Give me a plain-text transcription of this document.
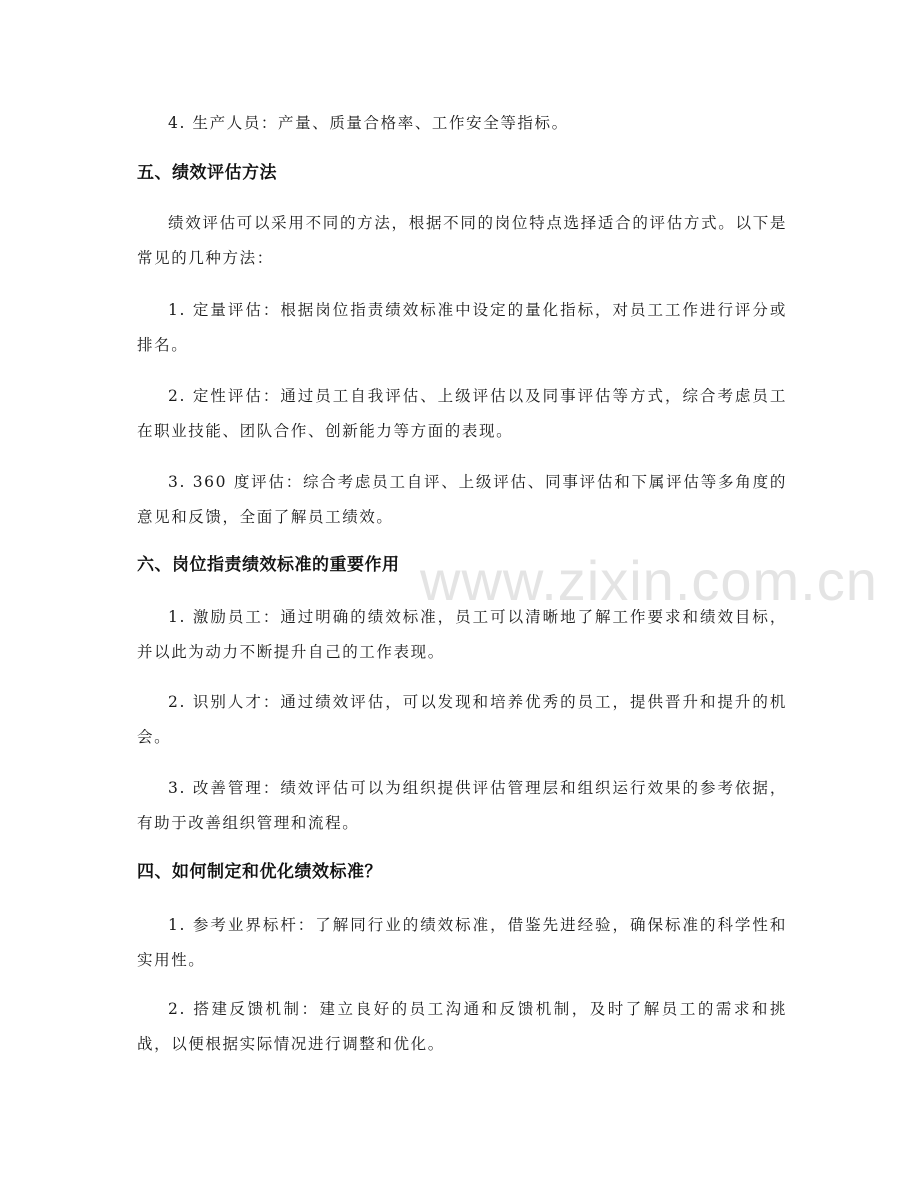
www.zixin.com.cn
4. 生产人员：产量、质量合格率、工作安全等指标。
五、绩效评估方法
绩效评估可以采用不同的方法，根据不同的岗位特点选择适合的评估方式。以下是常见的几种方法：
1. 定量评估：根据岗位指责绩效标准中设定的量化指标，对员工工作进行评分或排名。
2. 定性评估：通过员工自我评估、上级评估以及同事评估等方式，综合考虑员工在职业技能、团队合作、创新能力等方面的表现。
3. 360 度评估：综合考虑员工自评、上级评估、同事评估和下属评估等多角度的意见和反馈，全面了解员工绩效。
六、岗位指责绩效标准的重要作用
1. 激励员工：通过明确的绩效标准，员工可以清晰地了解工作要求和绩效目标，并以此为动力不断提升自己的工作表现。
2. 识别人才：通过绩效评估，可以发现和培养优秀的员工，提供晋升和提升的机会。
3. 改善管理：绩效评估可以为组织提供评估管理层和组织运行效果的参考依据，有助于改善组织管理和流程。
四、如何制定和优化绩效标准？
1. 参考业界标杆：了解同行业的绩效标准，借鉴先进经验，确保标准的科学性和实用性。
2. 搭建反馈机制：建立良好的员工沟通和反馈机制，及时了解员工的需求和挑战，以便根据实际情况进行调整和优化。
